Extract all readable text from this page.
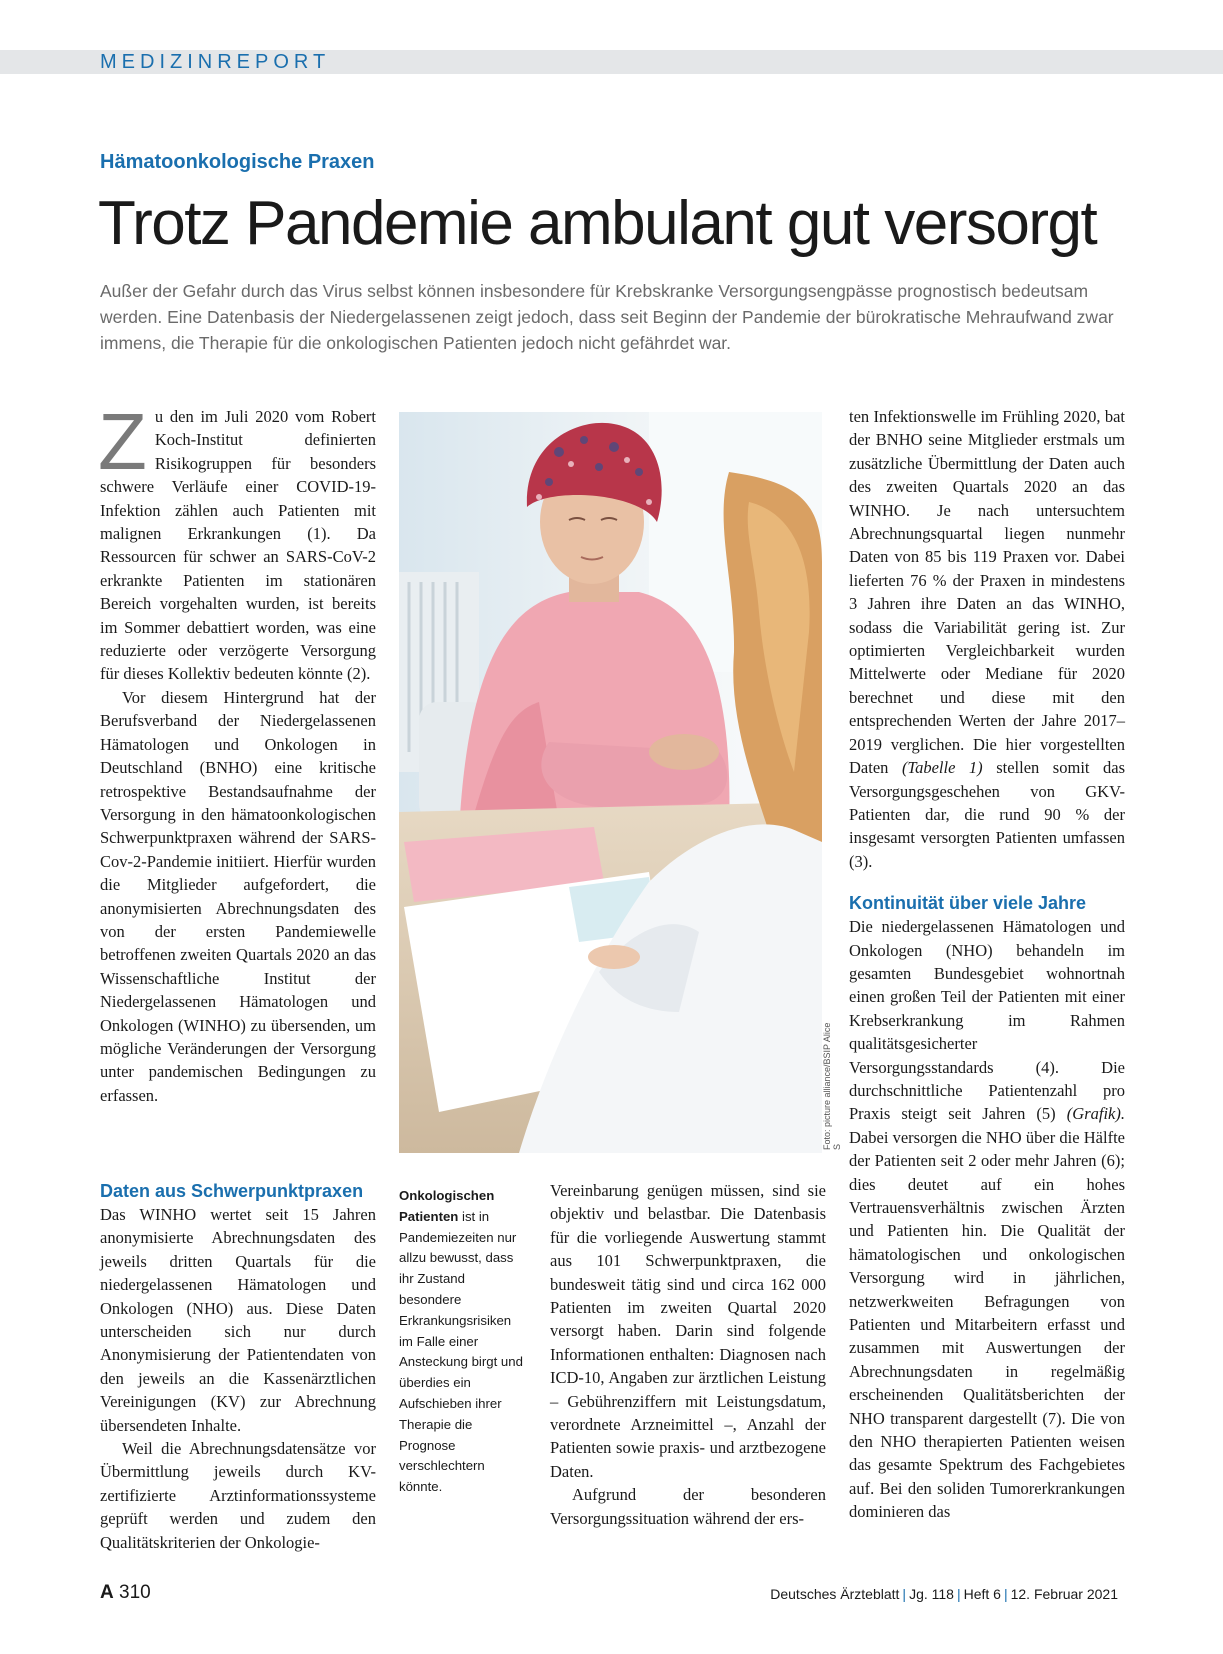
MEDIZINREPORT
Hämatoonkologische Praxen
Trotz Pandemie ambulant gut versorgt
Außer der Gefahr durch das Virus selbst können insbesondere für Krebskranke Versorgungsengpässe prognostisch bedeutsam werden. Eine Datenbasis der Niedergelassenen zeigt jedoch, dass seit Beginn der Pandemie der bürokratische Mehraufwand zwar immens, die Therapie für die onkologischen Patienten jedoch nicht gefährdet war.

Zu den im Juli 2020 vom Robert Koch-Institut definierten Risikogruppen für besonders schwere Verläufe einer COVID-19-Infektion zählen auch Patienten mit malignen Erkrankungen (1). Da Ressourcen für schwer an SARS-CoV-2 erkrankte Patienten im stationären Bereich vorgehalten wurden, ist bereits im Sommer debattiert worden, was eine reduzierte oder verzögerte Versorgung für dieses Kollektiv bedeuten könnte (2).

Vor diesem Hintergrund hat der Berufsverband der Niedergelassenen Hämatologen und Onkologen in Deutschland (BNHO) eine kritische retrospektive Bestandsaufnahme der Versorgung in den hämatoonkologischen Schwerpunktpraxen während der SARS-Cov-2-Pandemie initiiert. Hierfür wurden die Mitglieder aufgefordert, die anonymisierten Abrechnungsdaten des von der ersten Pandemiewelle betroffenen zweiten Quartals 2020 an das Wissenschaftliche Institut der Niedergelassenen Hämatologen und Onkologen (WINHO) zu übersenden, um mögliche Veränderungen der Versorgung unter pandemischen Bedingungen zu erfassen.

Daten aus Schwerpunktpraxen

Das WINHO wertet seit 15 Jahren anonymisierte Abrechnungsdaten des jeweils dritten Quartals für die niedergelassenen Hämatologen und Onkologen (NHO) aus. Diese Daten unterscheiden sich nur durch Anonymisierung der Patientendaten von den jeweils an die Kassenärztlichen Vereinigungen (KV) zur Abrechnung übersendeten Inhalte.

Weil die Abrechnungsdatensätze vor Übermittlung jeweils durch KV-zertifizierte Arztinformationssysteme geprüft werden und zudem den Qualitätskriterien der Onkologie-

Foto: picture alliance/BSIP Alice S
Onkologischen Patienten ist in Pandemiezeiten nur allzu bewusst, dass ihr Zustand besondere Erkrankungsrisiken im Falle einer Ansteckung birgt und überdies ein Aufschieben ihrer Therapie die Prognose verschlechtern könnte.

Vereinbarung genügen müssen, sind sie objektiv und belastbar. Die Datenbasis für die vorliegende Auswertung stammt aus 101 Schwerpunktpraxen, die bundesweit tätig sind und circa 162 000 Patienten im zweiten Quartal 2020 versorgt haben. Darin sind folgende Informationen enthalten: Diagnosen nach ICD-10, Angaben zur ärztlichen Leistung – Gebührenziffern mit Leistungsdatum, verordnete Arzneimittel –, Anzahl der Patienten sowie praxis- und arztbezogene Daten.

Aufgrund der besonderen Versorgungssituation während der ers-

ten Infektionswelle im Frühling 2020, bat der BNHO seine Mitglieder erstmals um zusätzliche Übermittlung der Daten auch des zweiten Quartals 2020 an das WINHO. Je nach untersuchtem Abrechnungsquartal liegen nunmehr Daten von 85 bis 119 Praxen vor. Dabei lieferten 76 % der Praxen in mindestens 3 Jahren ihre Daten an das WINHO, sodass die Variabilität gering ist. Zur optimierten Vergleichbarkeit wurden Mittelwerte oder Mediane für 2020 berechnet und diese mit den entsprechenden Werten der Jahre 2017–2019 verglichen. Die hier vorgestellten Daten (Tabelle 1) stellen somit das Versorgungsgeschehen von GKV-Patienten dar, die rund 90 % der insgesamt versorgten Patienten umfassen (3).

Kontinuität über viele Jahre

Die niedergelassenen Hämatologen und Onkologen (NHO) behandeln im gesamten Bundesgebiet wohnortnah einen großen Teil der Patienten mit einer Krebserkrankung im Rahmen qualitätsgesicherter Versorgungsstandards (4). Die durchschnittliche Patientenzahl pro Praxis steigt seit Jahren (5) (Grafik). Dabei versorgen die NHO über die Hälfte der Patienten seit 2 oder mehr Jahren (6); dies deutet auf ein hohes Vertrauensverhältnis zwischen Ärzten und Patienten hin. Die Qualität der hämatologischen und onkologischen Versorgung wird in jährlichen, netzwerkweiten Befragungen von Patienten und Mitarbeitern erfasst und zusammen mit Auswertungen der Abrechnungsdaten in regelmäßig erscheinenden Qualitätsberichten der NHO transparent dargestellt (7). Die von den NHO therapierten Patienten weisen das gesamte Spektrum des Fachgebietes auf. Bei den soliden Tumorerkrankungen dominieren das

A 310	Deutsches Ärzteblatt | Jg. 118 | Heft 6 | 12. Februar 2021
